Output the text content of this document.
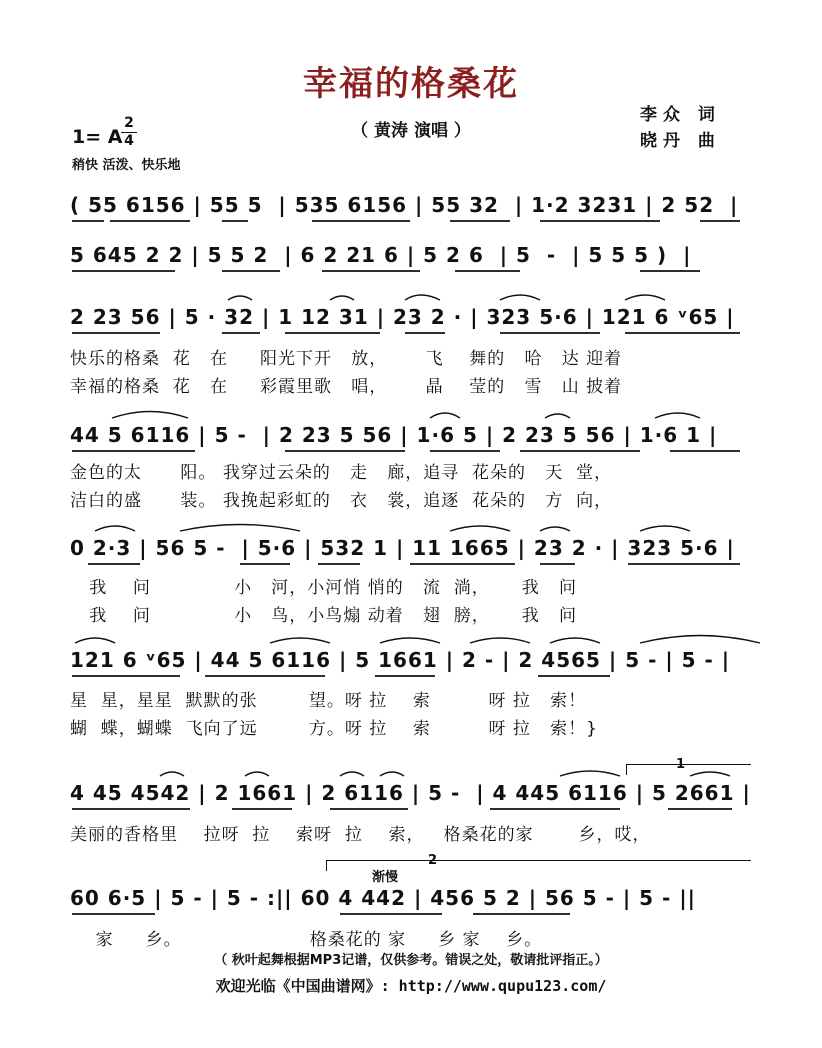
幸福的格桑花
（ 黄涛 演唱 ）
李众 词
晓丹 曲
1= A
2
4
稍快 活泼、快乐地
( 55 6156 | 55 5  | 535 6156 | 55 32  | 1·2 3231 | 2 52  |
5 645 2 2 | 5 5 2  | 6 2 21 6 | 5 2 6  | 5  -  | 5 5 5 )  |
2 23 56 | 5 · 32 | 1 12 31 | 23 2 · | 323 5·6 | 121 6 ᵛ65 |
快乐的格桑  花   在     阳光下开   放，      飞    舞的   哈   达 迎着
幸福的格桑  花   在     彩霞里歌   唱，      晶    莹的   雪   山 披着
44 5 6116 | 5 -  | 2 23 5 56 | 1·6 5 | 2 23 5 56 | 1·6 1 |
金色的太      阳。 我穿过云朵的   走   廊，追寻  花朵的   天  堂，
洁白的盛      装。 我挽起彩虹的   衣   裳，追逐  花朵的   方  向，
0 2·3 | 56 5 -  | 5·6 | 532 1 | 11 1665 | 23 2 · | 323 5·6 |
我    问             小   河，小河悄 悄的   流  淌，     我   问
我    问             小   鸟，小鸟煽 动着   翅  膀，     我   问
121 6 ᵛ65 | 44 5 6116 | 5 1661 | 2 - | 2 4565 | 5 - | 5 - |
星  星，星星  默默的张        望。呀 拉    索         呀 拉   索！
蝴  蝶，蝴蝶  飞向了远        方。呀 拉    索         呀 拉   索！}
1
4 45 4542 | 2 1661 | 2 6116 | 5 -  | 4 445 6116 | 5 2661 |
美丽的香格里    拉呀  拉    索呀  拉    索，   格桑花的家       乡，哎，
2
渐慢
60 6·5 | 5 - | 5 - :|| 60 4 442 | 456 5 2 | 56 5 - | 5 - ||
家     乡。                    格桑花的 家     乡 家    乡。
（ 秋叶起舞根据MP3记谱，仅供参考。错误之处，敬请批评指正。）
欢迎光临《中国曲谱网》: http://www.qupu123.com/
